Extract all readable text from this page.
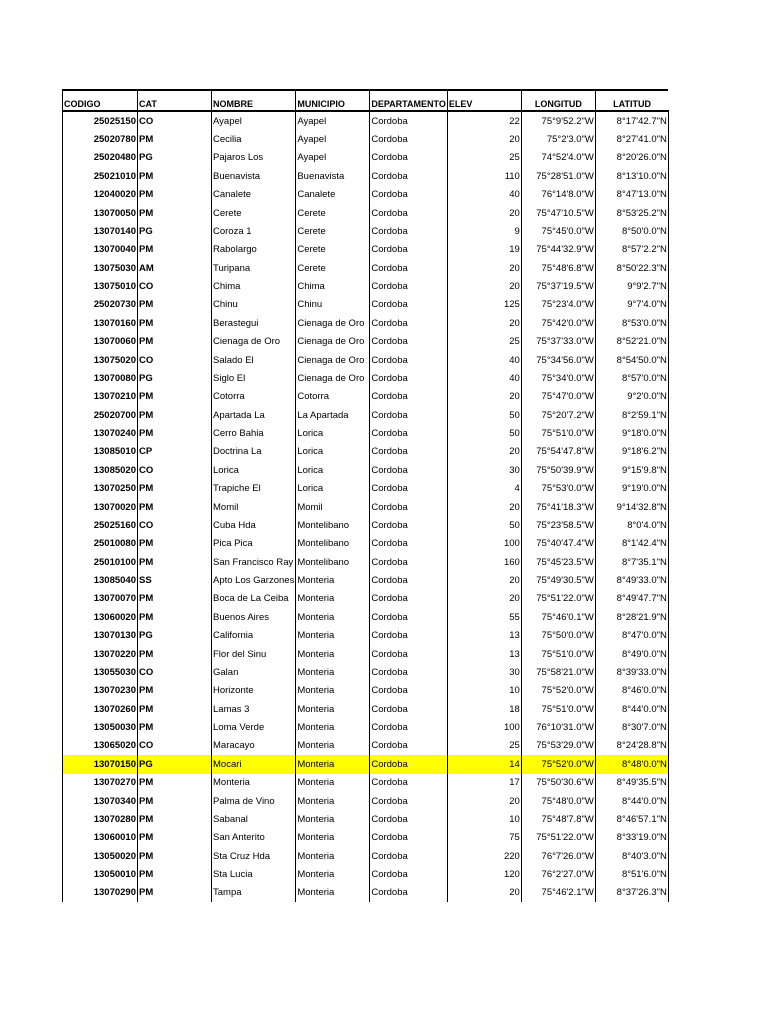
CODIGO	CAT	NOMBRE	MUNICIPIO	DEPARTAMENTO	ELEV	LONGITUD	LATITUD
25025150	CO	Ayapel	Ayapel	Cordoba	22	75°9'52.2"W	8°17'42.7"N
25020780	PM	Cecilia	Ayapel	Cordoba	20	75°2'3.0"W	8°27'41.0"N
25020480	PG	Pajaros Los	Ayapel	Cordoba	25	74°52'4.0"W	8°20'26.0"N
25021010	PM	Buenavista	Buenavista	Cordoba	110	75°28'51.0"W	8°13'10.0"N
12040020	PM	Canalete	Canalete	Cordoba	40	76°14'8.0"W	8°47'13.0"N
13070050	PM	Cerete	Cerete	Cordoba	20	75°47'10.5"W	8°53'25.2"N
13070140	PG	Coroza 1	Cerete	Cordoba	9	75°45'0.0"W	8°50'0.0"N
13070040	PM	Rabolargo	Cerete	Cordoba	19	75°44'32.9"W	8°57'2.2"N
13075030	AM	Turipana	Cerete	Cordoba	20	75°48'6.8"W	8°50'22.3"N
13075010	CO	Chima	Chima	Cordoba	20	75°37'19.5"W	9°9'2.7"N
25020730	PM	Chinu	Chinu	Cordoba	125	75°23'4.0"W	9°7'4.0"N
13070160	PM	Berastegui	Cienaga de Oro	Cordoba	20	75°42'0.0"W	8°53'0.0"N
13070060	PM	Cienaga de Oro	Cienaga de Oro	Cordoba	25	75°37'33.0"W	8°52'21.0"N
13075020	CO	Salado El	Cienaga de Oro	Cordoba	40	75°34'56.0"W	8°54'50.0"N
13070080	PG	Siglo El	Cienaga de Oro	Cordoba	40	75°34'0.0"W	8°57'0.0"N
13070210	PM	Cotorra	Cotorra	Cordoba	20	75°47'0.0"W	9°2'0.0"N
25020700	PM	Apartada La	La Apartada	Cordoba	50	75°20'7.2"W	8°2'59.1"N
13070240	PM	Cerro Bahia	Lorica	Cordoba	50	75°51'0.0"W	9°18'0.0"N
13085010	CP	Doctrina La	Lorica	Cordoba	20	75°54'47.8"W	9°18'6.2"N
13085020	CO	Lorica	Lorica	Cordoba	30	75°50'39.9"W	9°15'9.8"N
13070250	PM	Trapiche El	Lorica	Cordoba	4	75°53'0.0"W	9°19'0.0"N
13070020	PM	Momil	Momil	Cordoba	20	75°41'18.3"W	9°14'32.8"N
25025160	CO	Cuba Hda	Montelibano	Cordoba	50	75°23'58.5"W	8°0'4.0"N
25010080	PM	Pica Pica	Montelibano	Cordoba	100	75°40'47.4"W	8°1'42.4"N
25010100	PM	San Francisco Ray	Montelibano	Cordoba	160	75°45'23.5"W	8°7'35.1"N
13085040	SS	Apto Los Garzones	Monteria	Cordoba	20	75°49'30.5"W	8°49'33.0"N
13070070	PM	Boca de La Ceiba	Monteria	Cordoba	20	75°51'22.0"W	8°49'47.7"N
13060020	PM	Buenos Aires	Monteria	Cordoba	55	75°46'0.1"W	8°28'21.9"N
13070130	PG	California	Monteria	Cordoba	13	75°50'0.0"W	8°47'0.0"N
13070220	PM	Flor del Sinu	Monteria	Cordoba	13	75°51'0.0"W	8°49'0.0"N
13055030	CO	Galan	Monteria	Cordoba	30	75°58'21.0"W	8°39'33.0"N
13070230	PM	Horizonte	Monteria	Cordoba	10	75°52'0.0"W	8°46'0.0"N
13070260	PM	Lamas 3	Monteria	Cordoba	18	75°51'0.0"W	8°44'0.0"N
13050030	PM	Loma Verde	Monteria	Cordoba	100	76°10'31.0"W	8°30'7.0"N
13065020	CO	Maracayo	Monteria	Cordoba	25	75°53'29.0"W	8°24'28.8"N
13070150	PG	Mocari	Monteria	Cordoba	14	75°52'0.0"W	8°48'0.0"N
13070270	PM	Monteria	Monteria	Cordoba	17	75°50'30.6"W	8°49'35.5"N
13070340	PM	Palma de Vino	Monteria	Cordoba	20	75°48'0.0"W	8°44'0.0"N
13070280	PM	Sabanal	Monteria	Cordoba	10	75°48'7.8"W	8°46'57.1"N
13060010	PM	San Anterito	Monteria	Cordoba	75	75°51'22.0"W	8°33'19.0"N
13050020	PM	Sta Cruz Hda	Monteria	Cordoba	220	76°7'26.0"W	8°40'3.0"N
13050010	PM	Sta Lucia	Monteria	Cordoba	120	76°2'27.0"W	8°51'6.0"N
13070290	PM	Tampa	Monteria	Cordoba	20	75°46'2.1"W	8°37'26.3"N
